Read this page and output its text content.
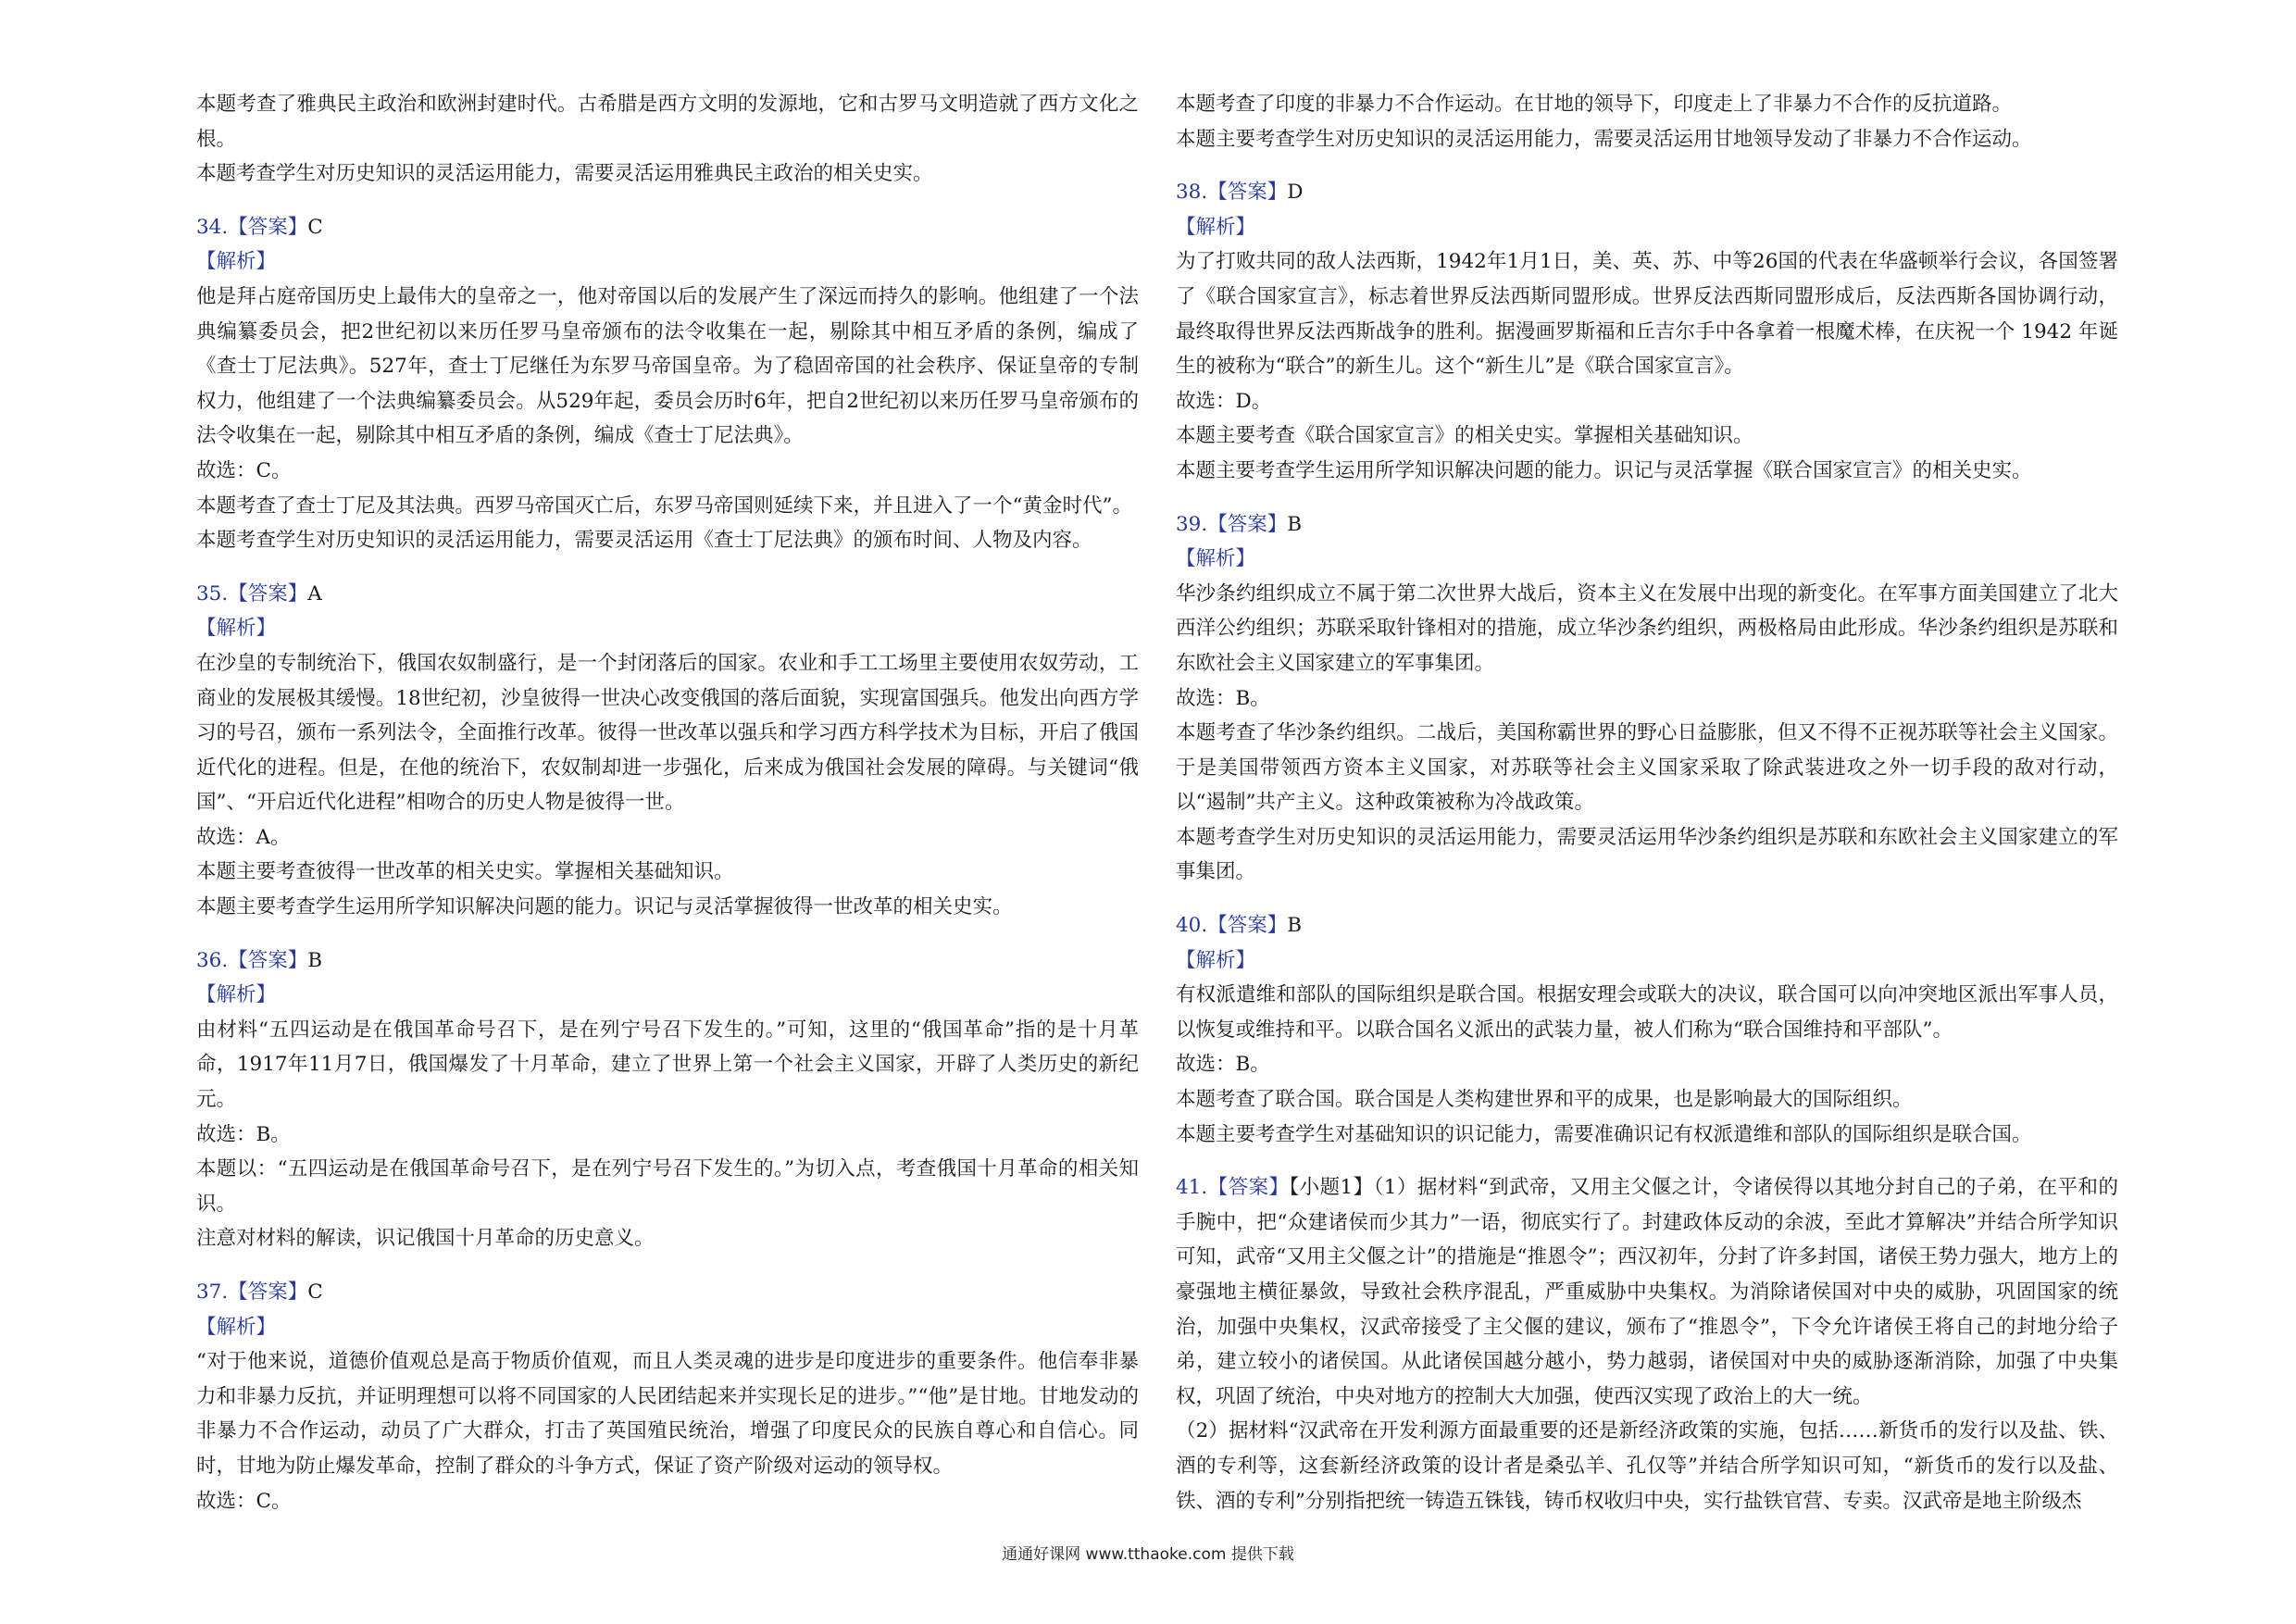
本题考查了雅典民主政治和欧洲封建时代。古希腊是西方文明的发源地，它和古罗马文明造就了西方文化之根。

本题考查学生对历史知识的灵活运用能力，需要灵活运用雅典民主政治的相关史实。

34.【答案】C

【解析】

他是拜占庭帝国历史上最伟大的皇帝之一，他对帝国以后的发展产生了深远而持久的影响。他组建了一个法典编纂委员会，把2世纪初以来历任罗马皇帝颁布的法令收集在一起，剔除其中相互矛盾的条例，编成了《查士丁尼法典》。527年，查士丁尼继任为东罗马帝国皇帝。为了稳固帝国的社会秩序、保证皇帝的专制权力，他组建了一个法典编纂委员会。从529年起，委员会历时6年，把自2世纪初以来历任罗马皇帝颁布的法令收集在一起，剔除其中相互矛盾的条例，编成《查士丁尼法典》。

故选：C。

本题考查了查士丁尼及其法典。西罗马帝国灭亡后，东罗马帝国则延续下来，并且进入了一个“黄金时代”。

本题考查学生对历史知识的灵活运用能力，需要灵活运用《查士丁尼法典》的颁布时间、人物及内容。

35.【答案】A

【解析】

在沙皇的专制统治下，俄国农奴制盛行，是一个封闭落后的国家。农业和手工工场里主要使用农奴劳动，工商业的发展极其缓慢。18世纪初，沙皇彼得一世决心改变俄国的落后面貌，实现富国强兵。他发出向西方学习的号召，颁布一系列法令，全面推行改革。彼得一世改革以强兵和学习西方科学技术为目标，开启了俄国近代化的进程。但是，在他的统治下，农奴制却进一步强化，后来成为俄国社会发展的障碍。与关键词“俄国”、“开启近代化进程”相吻合的历史人物是彼得一世。

故选：A。

本题主要考查彼得一世改革的相关史实。掌握相关基础知识。

本题主要考查学生运用所学知识解决问题的能力。识记与灵活掌握彼得一世改革的相关史实。

36.【答案】B

【解析】

由材料“五四运动是在俄国革命号召下，是在列宁号召下发生的。”可知，这里的“俄国革命”指的是十月革命，1917年11月7日，俄国爆发了十月革命，建立了世界上第一个社会主义国家，开辟了人类历史的新纪元。

故选：B。

本题以：“五四运动是在俄国革命号召下，是在列宁号召下发生的。”为切入点，考查俄国十月革命的相关知识。

注意对材料的解读，识记俄国十月革命的历史意义。

37.【答案】C

【解析】

“对于他来说，道德价值观总是高于物质价值观，而且人类灵魂的进步是印度进步的重要条件。他信奉非暴力和非暴力反抗，并证明理想可以将不同国家的人民团结起来并实现长足的进步。”“他”是甘地。甘地发动的非暴力不合作运动，动员了广大群众，打击了英国殖民统治，增强了印度民众的民族自尊心和自信心。同时，甘地为防止爆发革命，控制了群众的斗争方式，保证了资产阶级对运动的领导权。

故选：C。

本题考查了印度的非暴力不合作运动。在甘地的领导下，印度走上了非暴力不合作的反抗道路。

本题主要考查学生对历史知识的灵活运用能力，需要灵活运用甘地领导发动了非暴力不合作运动。

38.【答案】D

【解析】

为了打败共同的敌人法西斯，1942年1月1日，美、英、苏、中等26国的代表在华盛顿举行会议，各国签署了《联合国家宣言》，标志着世界反法西斯同盟形成。世界反法西斯同盟形成后，反法西斯各国协调行动，最终取得世界反法西斯战争的胜利。据漫画罗斯福和丘吉尔手中各拿着一根魔术棒，在庆祝一个 1942 年诞生的被称为“联合”的新生儿。这个“新生儿”是《联合国家宣言》。

故选：D。

本题主要考查《联合国家宣言》的相关史实。掌握相关基础知识。

本题主要考查学生运用所学知识解决问题的能力。识记与灵活掌握《联合国家宣言》的相关史实。

39.【答案】B

【解析】

华沙条约组织成立不属于第二次世界大战后，资本主义在发展中出现的新变化。在军事方面美国建立了北大西洋公约组织；苏联采取针锋相对的措施，成立华沙条约组织，两极格局由此形成。华沙条约组织是苏联和东欧社会主义国家建立的军事集团。

故选：B。

本题考查了华沙条约组织。二战后，美国称霸世界的野心日益膨胀，但又不得不正视苏联等社会主义国家。于是美国带领西方资本主义国家，对苏联等社会主义国家采取了除武装进攻之外一切手段的敌对行动，以“遏制”共产主义。这种政策被称为冷战政策。

本题考查学生对历史知识的灵活运用能力，需要灵活运用华沙条约组织是苏联和东欧社会主义国家建立的军事集团。

40.【答案】B

【解析】

有权派遣维和部队的国际组织是联合国。根据安理会或联大的决议，联合国可以向冲突地区派出军事人员，以恢复或维持和平。以联合国名义派出的武装力量，被人们称为“联合国维持和平部队”。

故选：B。

本题考查了联合国。联合国是人类构建世界和平的成果，也是影响最大的国际组织。

本题主要考查学生对基础知识的识记能力，需要准确识记有权派遣维和部队的国际组织是联合国。

41.【答案】【小题1】（1）据材料“到武帝，又用主父偃之计，令诸侯得以其地分封自己的子弟，在平和的手腕中，把“众建诸侯而少其力”一语，彻底实行了。封建政体反动的余波，至此才算解决”并结合所学知识可知，武帝“又用主父偃之计”的措施是“推恩令”；西汉初年，分封了许多封国，诸侯王势力强大，地方上的豪强地主横征暴敛，导致社会秩序混乱，严重威胁中央集权。为消除诸侯国对中央的威胁，巩固国家的统治，加强中央集权，汉武帝接受了主父偃的建议，颁布了“推恩令”，下令允许诸侯王将自己的封地分给子弟，建立较小的诸侯国。从此诸侯国越分越小，势力越弱，诸侯国对中央的威胁逐渐消除，加强了中央集权，巩固了统治，中央对地方的控制大大加强，使西汉实现了政治上的大一统。

（2）据材料“汉武帝在开发利源方面最重要的还是新经济政策的实施，包括……新货币的发行以及盐、铁、酒的专利等，这套新经济政策的设计者是桑弘羊、孔仅等”并结合所学知识可知，“新货币的发行以及盐、铁、酒的专利”分别指把统一铸造五铢钱，铸币权收归中央，实行盐铁官营、专卖。汉武帝是地主阶级杰

通通好课网 www.tthaoke.com 提供下载
